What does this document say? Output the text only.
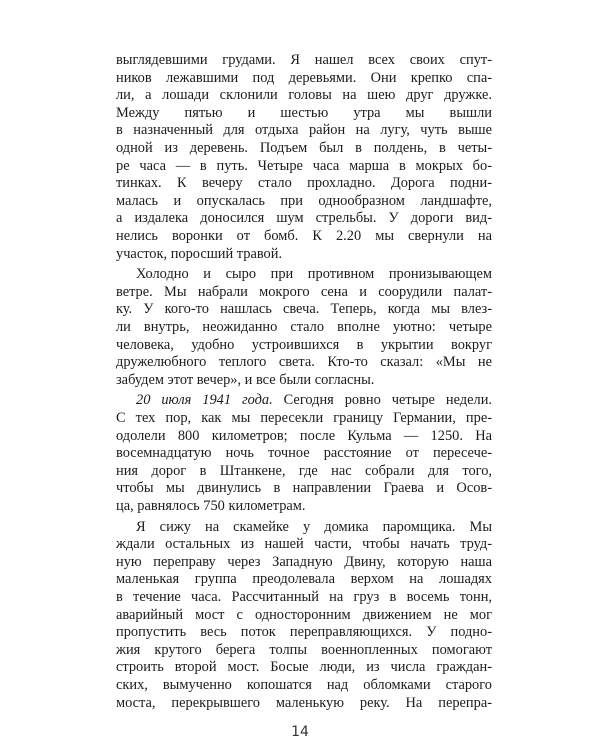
выглядевшими грудами. Я нашел всех своих спут-
ников лежавшими под деревьями. Они крепко спа-
ли, а лошади склонили головы на шею друг дружке.
Между пятью и шестью утра мы вышли
в назначенный для отдыха район на лугу, чуть выше
одной из деревень. Подъем был в полдень, в четы-
ре часа — в путь. Четыре часа марша в мокрых бо-
тинках. К вечеру стало прохладно. Дорога подни-
малась и опускалась при однообразном ландшафте,
а издалека доносился шум стрельбы. У дороги вид-
нелись воронки от бомб. К 2.20 мы свернули на
участок, поросший травой.
Холодно и сыро при противном пронизывающем
ветре. Мы набрали мокрого сена и соорудили палат-
ку. У кого-то нашлась свеча. Теперь, когда мы влез-
ли внутрь, неожиданно стало вполне уютно: четыре
человека, удобно устроившихся в укрытии вокруг
дружелюбного теплого света. Кто-то сказал: «Мы не
забудем этот вечер», и все были согласны.
20 июля 1941 года. Сегодня ровно четыре недели.
С тех пор, как мы пересекли границу Германии, пре-
одолели 800 километров; после Кульма — 1250. На
восемнадцатую ночь точное расстояние от пересече-
ния дорог в Штанкене, где нас собрали для того,
чтобы мы двинулись в направлении Граева и Осов-
ца, равнялось 750 километрам.
Я сижу на скамейке у домика паромщика. Мы
ждали остальных из нашей части, чтобы начать труд-
ную переправу через Западную Двину, которую наша
маленькая группа преодолевала верхом на лошадях
в течение часа. Рассчитанный на груз в восемь тонн,
аварийный мост с односторонним движением не мог
пропустить весь поток переправляющихся. У подно-
жия крутого берега толпы военнопленных помогают
строить второй мост. Босые люди, из числа граждан-
ских, вымученно копошатся над обломками старого
моста, перекрывшего маленькую реку. На перепра-
14
